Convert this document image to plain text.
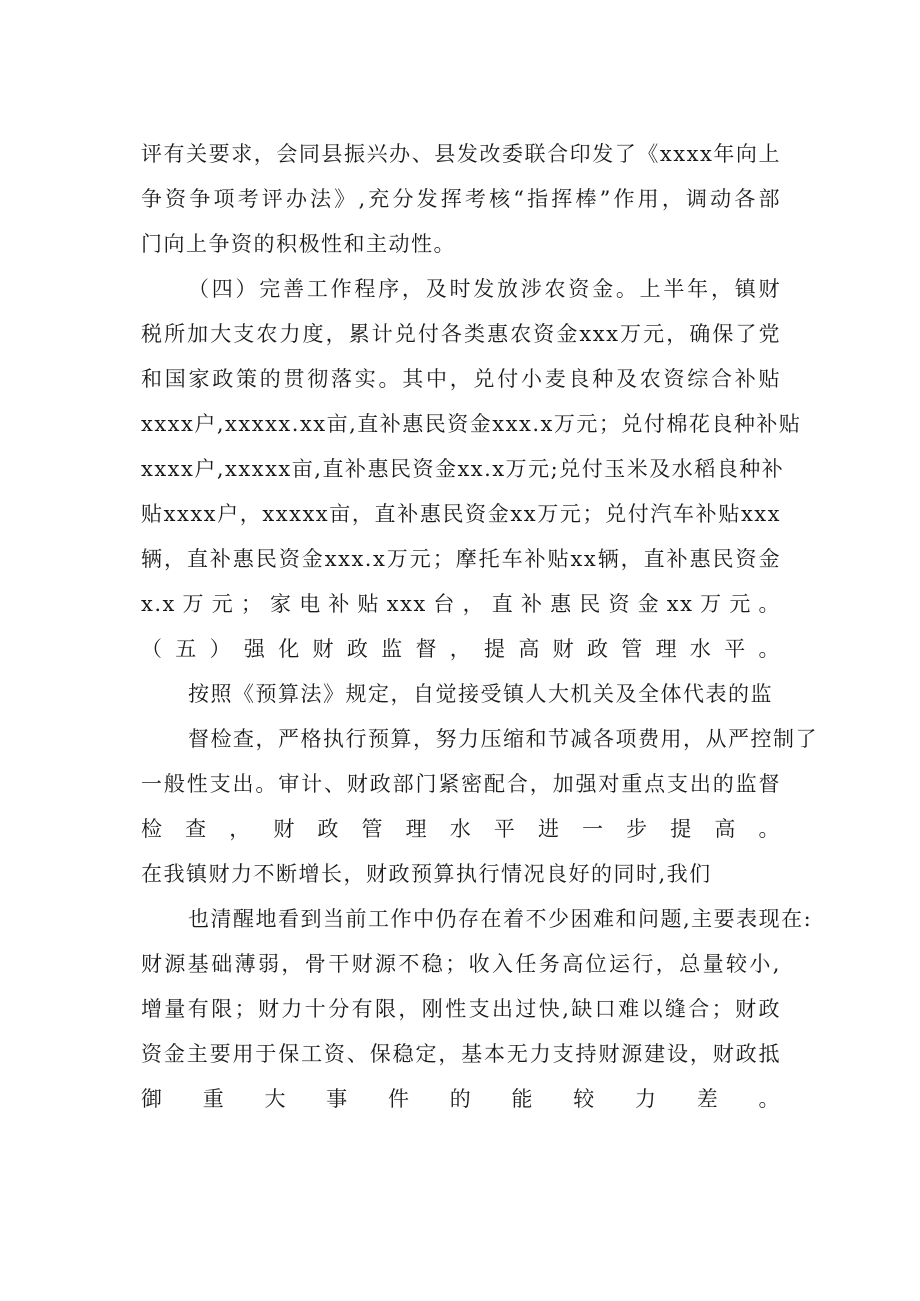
评有关要求，会同县振兴办、县发改委联合印发了《xxxx年向上

争资争项考评办法》,充分发挥考核“指挥棒”作用，调动各部

门向上争资的积极性和主动性。

（四）完善工作程序，及时发放涉农资金。上半年，镇财

税所加大支农力度，累计兑付各类惠农资金xxx万元，确保了党

和国家政策的贯彻落实。其中，兑付小麦良种及农资综合补贴

xxxx户,xxxxx.xx亩,直补惠民资金xxx.x万元；兑付棉花良种补贴

xxxx户,xxxxx亩,直补惠民资金xx.x万元;兑付玉米及水稻良种补

贴xxxx户，xxxxx亩，直补惠民资金xx万元；兑付汽车补贴xxx

辆，直补惠民资金xxx.x万元；摩托车补贴xx辆，直补惠民资金

x.x万元；家电补贴xxx台，直补惠民资金xx万元。

（五）强化财政监督，提高财政管理水平。

按照《预算法》规定，自觉接受镇人大机关及全体代表的监

督检查，严格执行预算，努力压缩和节减各项费用，从严控制了

一般性支出。审计、财政部门紧密配合，加强对重点支出的监督

检查，财政管理水平进一步提高。

在我镇财力不断增长，财政预算执行情况良好的同时,我们

也清醒地看到当前工作中仍存在着不少困难和问题,主要表现在:

财源基础薄弱，骨干财源不稳；收入任务高位运行，总量较小,

增量有限；财力十分有限，刚性支出过快,缺口难以缝合；财政

资金主要用于保工资、保稳定，基本无力支持财源建设，财政抵

御重大事件的能较力差。
